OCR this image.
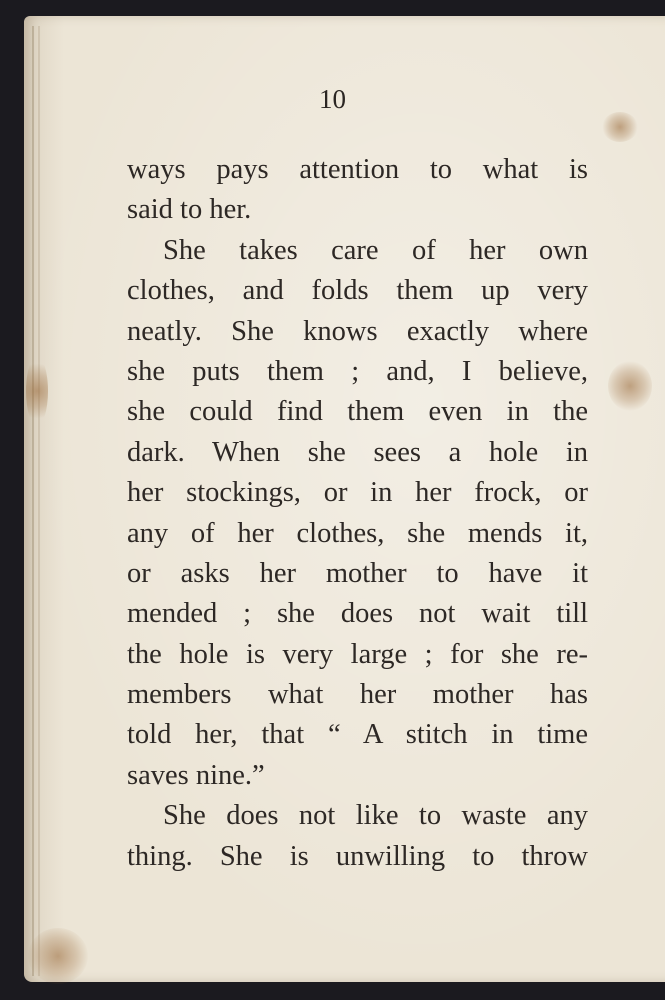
10
ways pays attention to what is
said to her.
She takes care of her own
clothes, and folds them up very
neatly. She knows exactly where
she puts them ; and, I believe,
she could find them even in the
dark. When she sees a hole in
her stockings, or in her frock, or
any of her clothes, she mends it,
or asks her mother to have it
mended ; she does not wait till
the hole is very large ; for she re-
members what her mother has
told her, that “ A stitch in time
saves nine.”
She does not like to waste any
thing. She is unwilling to throw
